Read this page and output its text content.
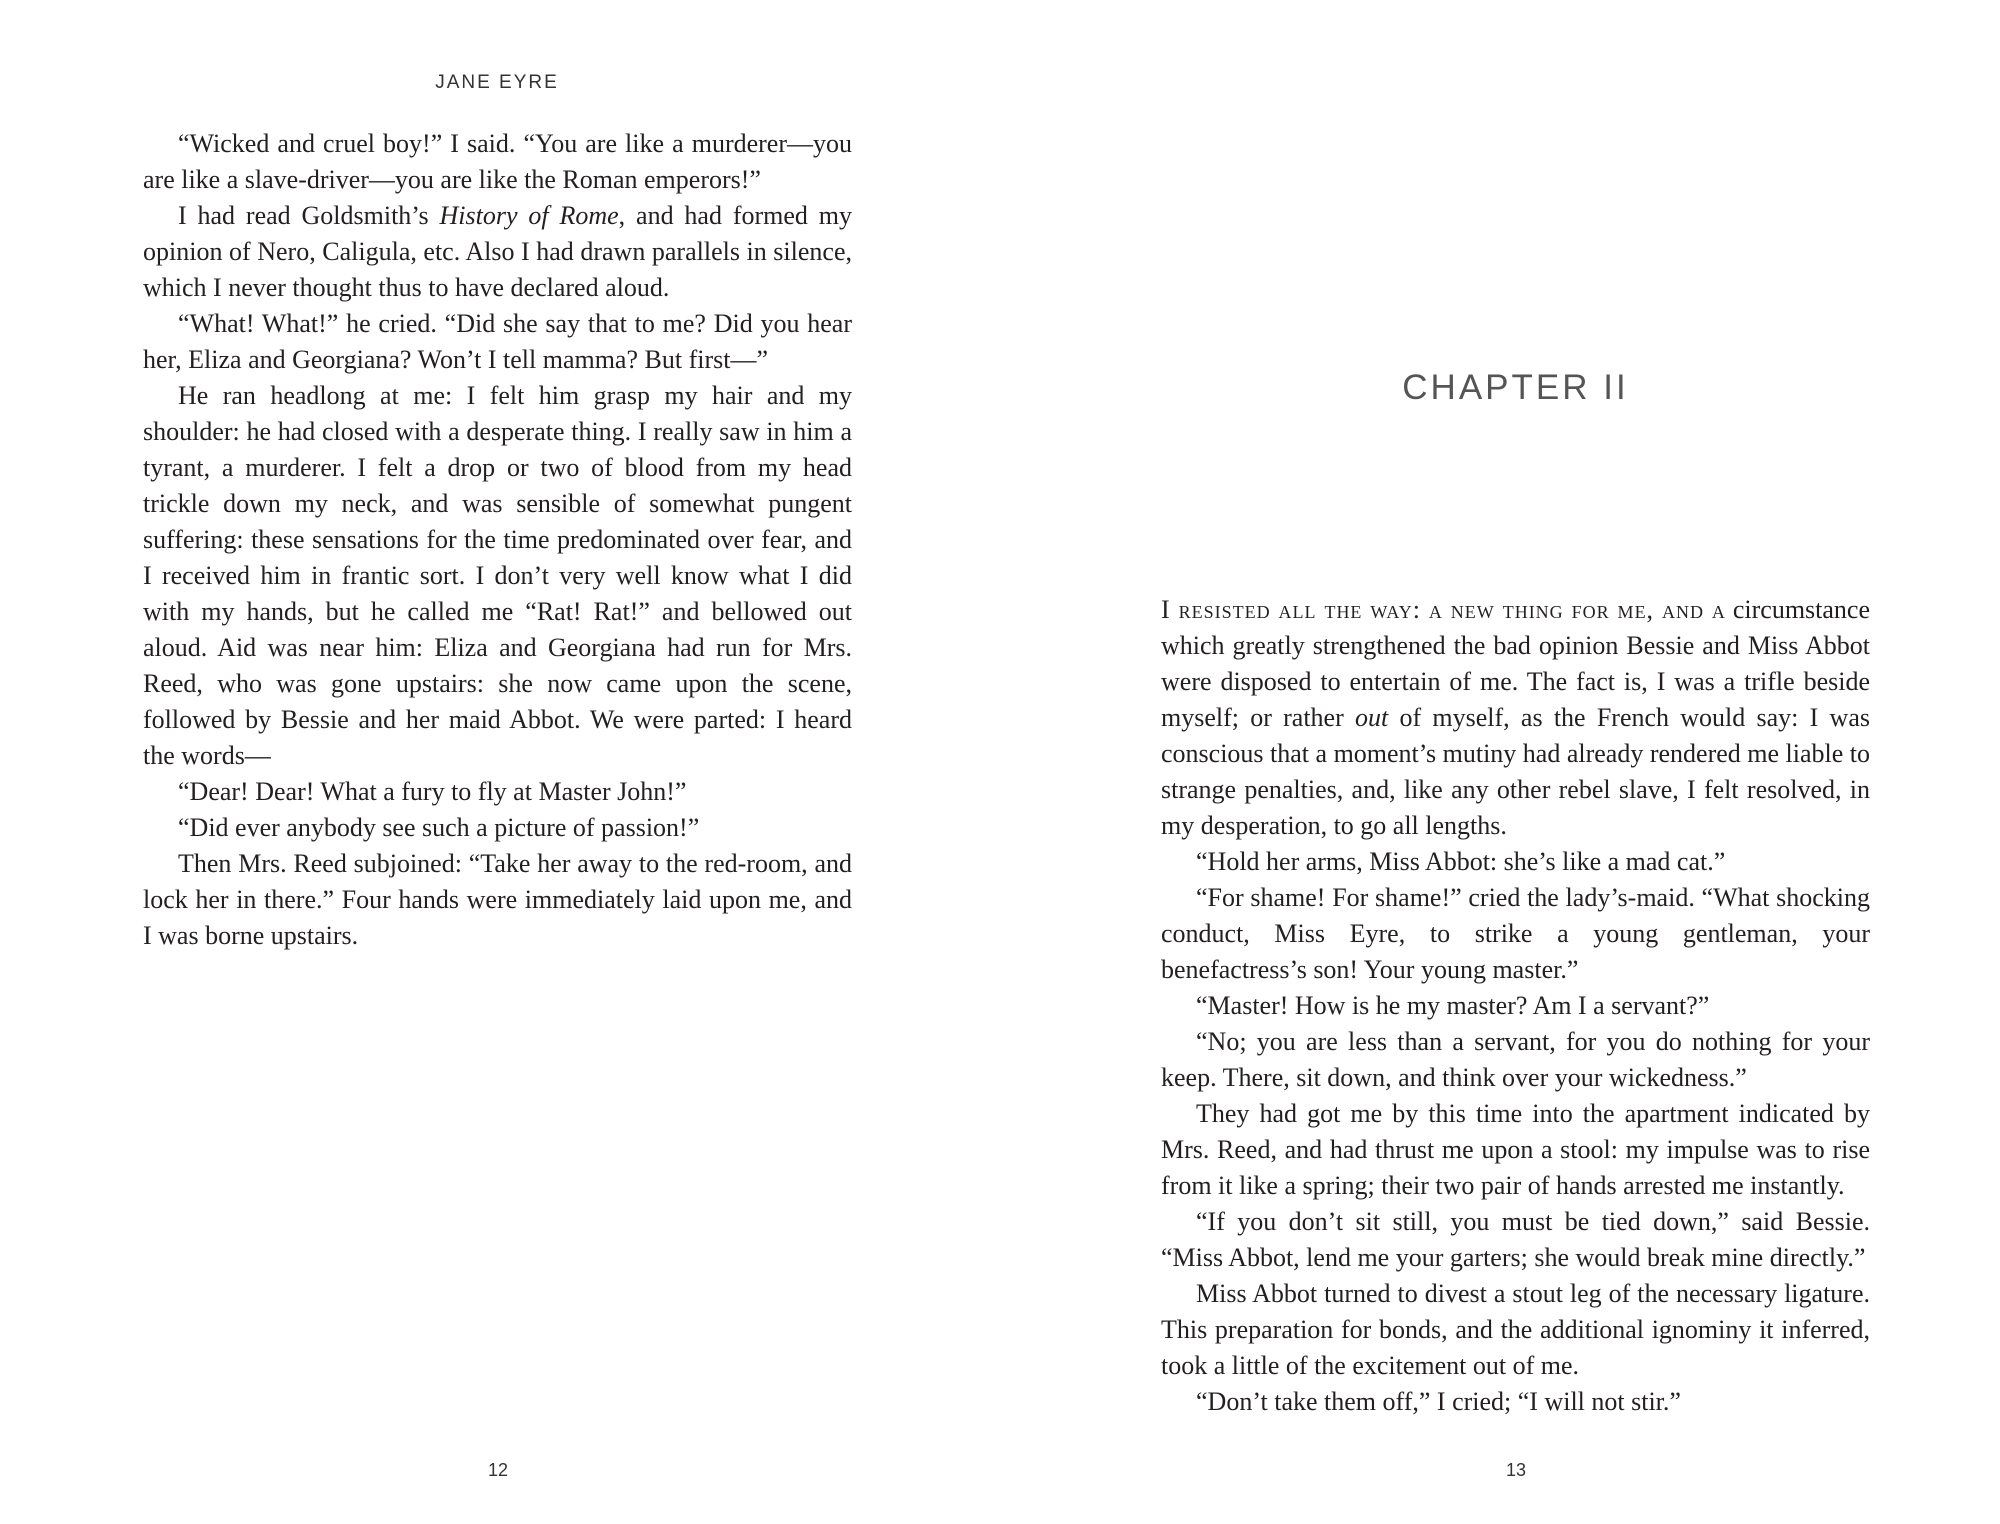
JANE EYRE

“Wicked and cruel boy!” I said. “You are like a murderer—you are like a slave-driver—you are like the Roman emperors!”

I had read Goldsmith’s History of Rome, and had formed my opinion of Nero, Caligula, etc. Also I had drawn parallels in silence, which I never thought thus to have declared aloud.

“What! What!” he cried. “Did she say that to me? Did you hear her, Eliza and Georgiana? Won’t I tell mamma? But first—”

He ran headlong at me: I felt him grasp my hair and my shoulder: he had closed with a desperate thing. I really saw in him a tyrant, a murderer. I felt a drop or two of blood from my head trickle down my neck, and was sensible of somewhat pungent suffering: these sensations for the time predominated over fear, and I received him in frantic sort. I don’t very well know what I did with my hands, but he called me “Rat! Rat!” and bellowed out aloud. Aid was near him: Eliza and Georgiana had run for Mrs. Reed, who was gone upstairs: she now came upon the scene, followed by Bessie and her maid Abbot. We were parted: I heard the words—

“Dear! Dear! What a fury to fly at Master John!”

“Did ever anybody see such a picture of passion!”

Then Mrs. Reed subjoined: “Take her away to the red-room, and lock her in there.” Four hands were immediately laid upon me, and I was borne upstairs.

12
CHAPTER II

I resisted all the way: a new thing for me, and a circumstance which greatly strengthened the bad opinion Bessie and Miss Abbot were disposed to entertain of me. The fact is, I was a trifle beside myself; or rather out of myself, as the French would say: I was conscious that a moment’s mutiny had already rendered me liable to strange penalties, and, like any other rebel slave, I felt resolved, in my desperation, to go all lengths.

“Hold her arms, Miss Abbot: she’s like a mad cat.”

“For shame! For shame!” cried the lady’s-maid. “What shocking conduct, Miss Eyre, to strike a young gentleman, your benefactress’s son! Your young master.”

“Master! How is he my master? Am I a servant?”

“No; you are less than a servant, for you do nothing for your keep. There, sit down, and think over your wickedness.”

They had got me by this time into the apartment indicated by Mrs. Reed, and had thrust me upon a stool: my impulse was to rise from it like a spring; their two pair of hands arrested me instantly.

“If you don’t sit still, you must be tied down,” said Bessie. “Miss Abbot, lend me your garters; she would break mine directly.”

Miss Abbot turned to divest a stout leg of the necessary ligature. This preparation for bonds, and the additional ignominy it inferred, took a little of the excitement out of me.

“Don’t take them off,” I cried; “I will not stir.”

13
